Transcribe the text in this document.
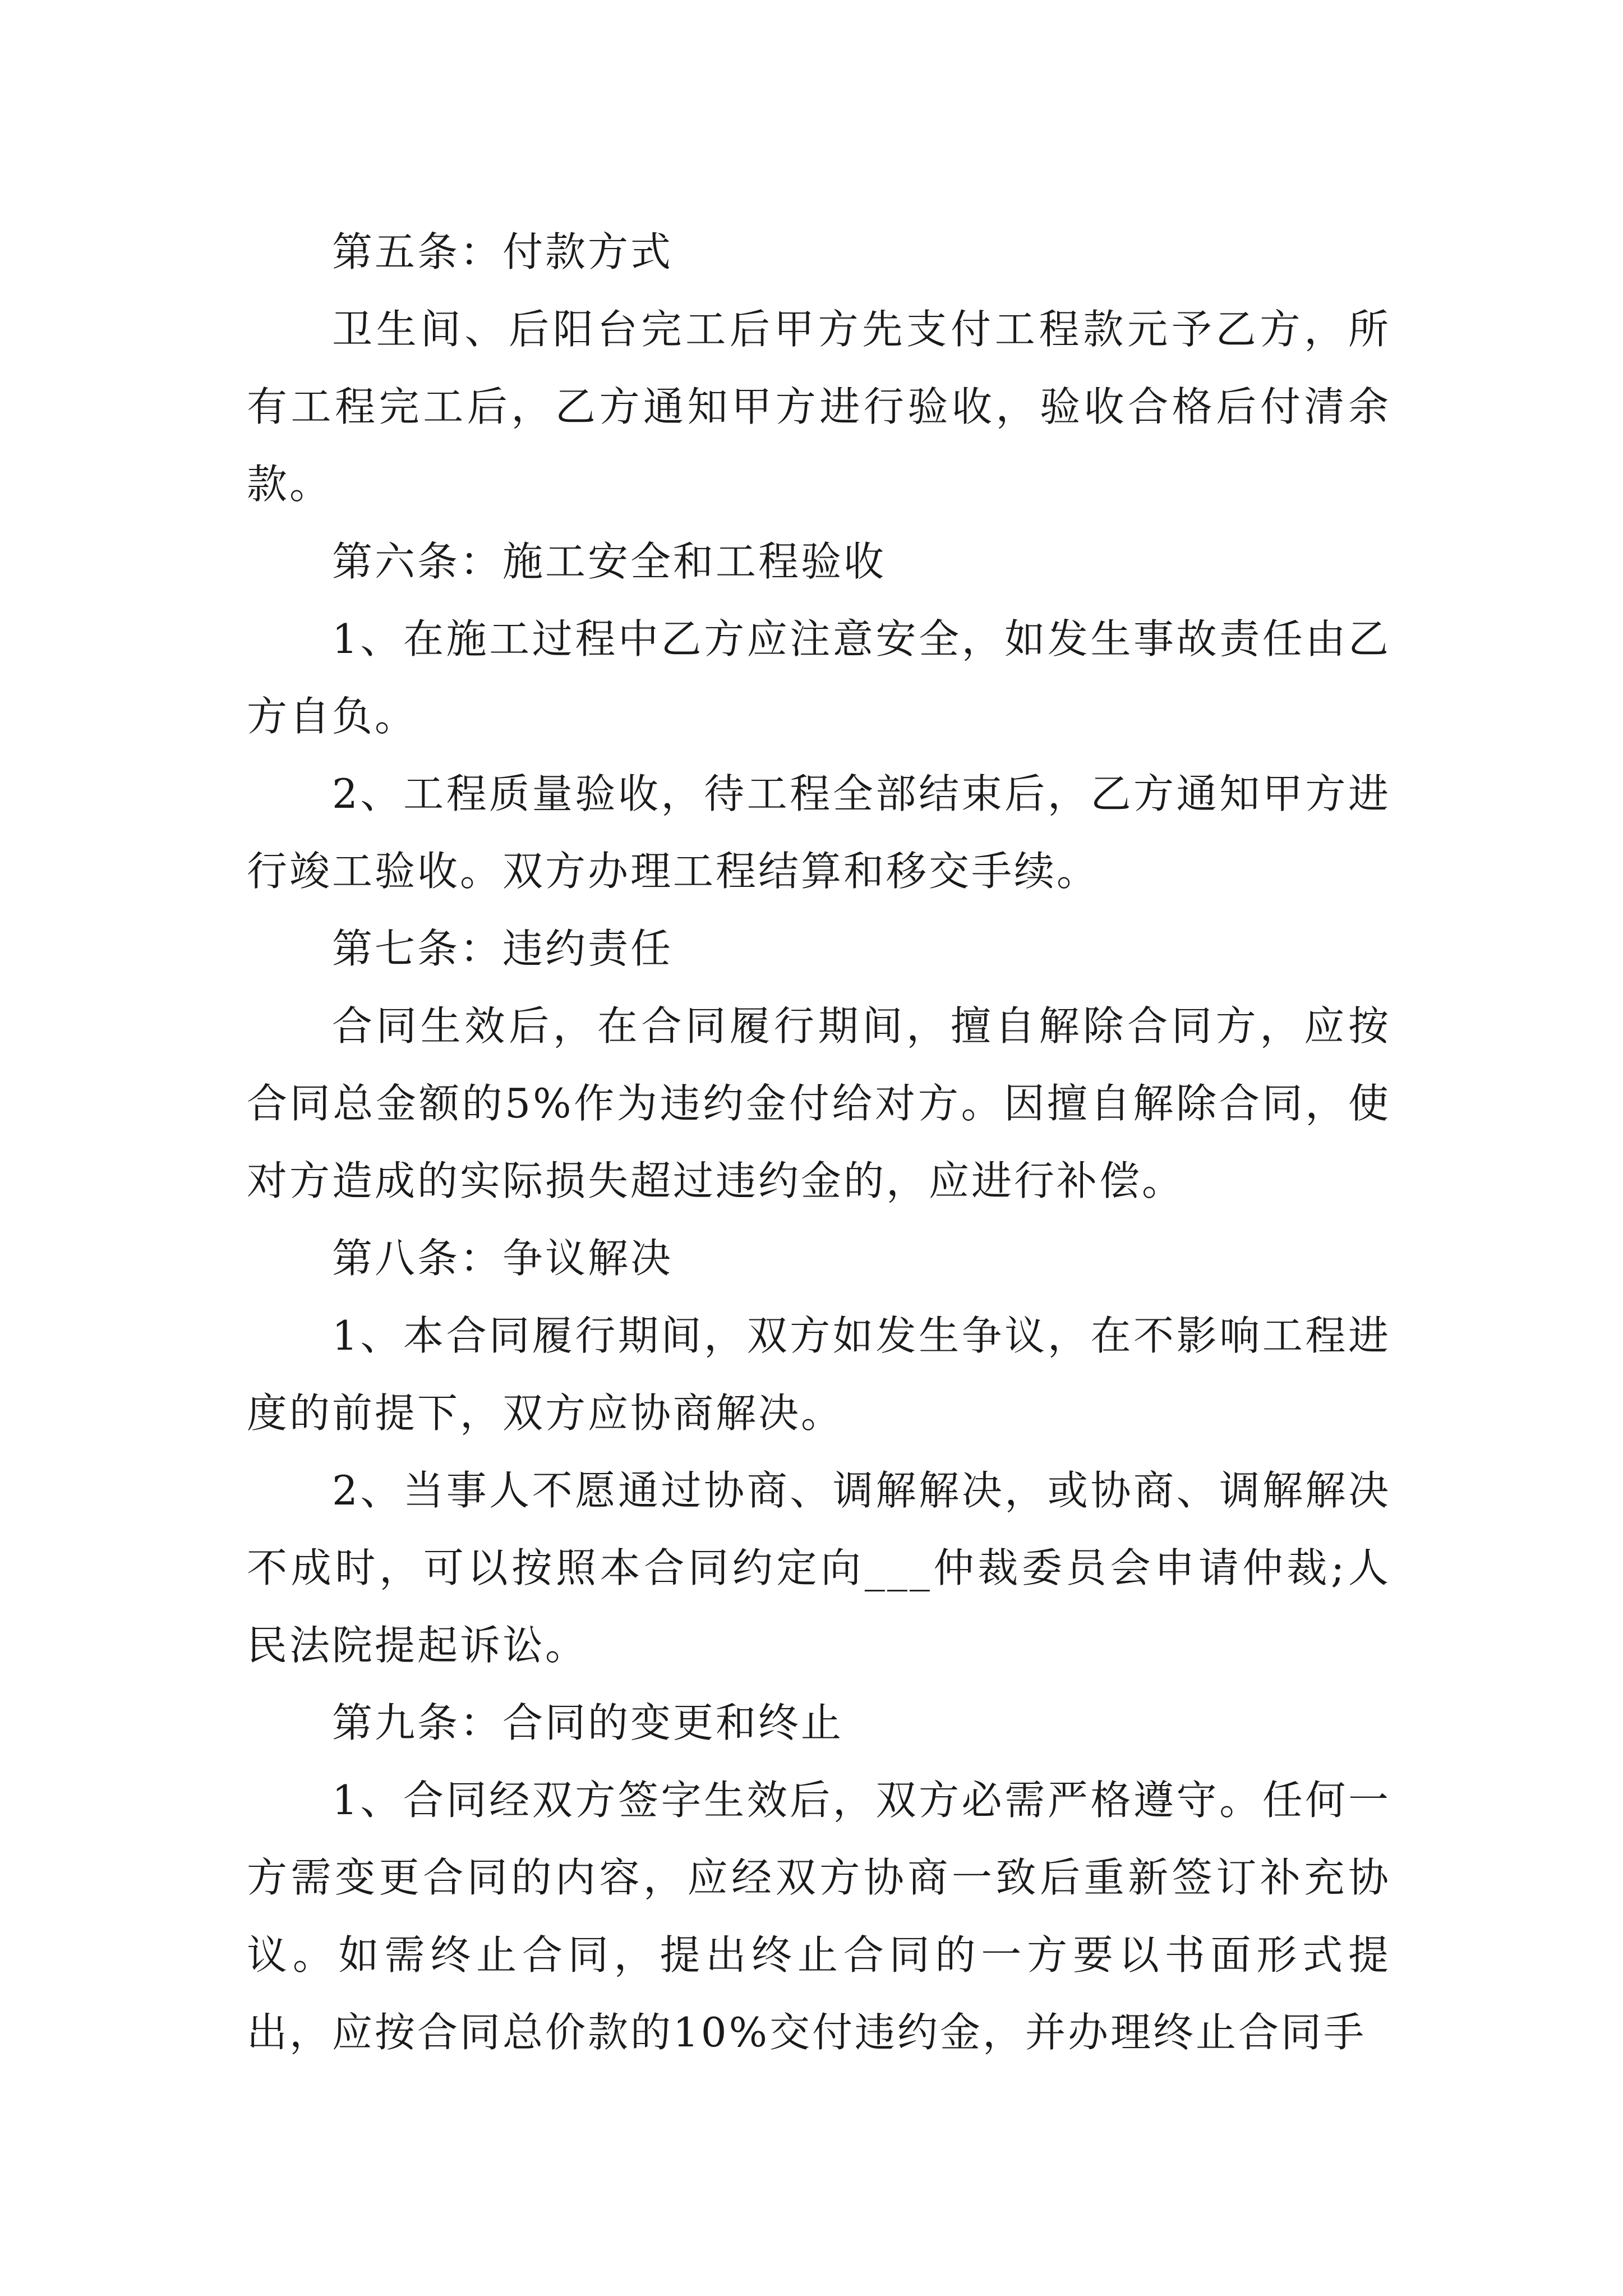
第五条：付款方式

卫生间、后阳台完工后甲方先支付工程款元予乙方，所有工程完工后，乙方通知甲方进行验收，验收合格后付清余款。

第六条：施工安全和工程验收

1、在施工过程中乙方应注意安全，如发生事故责任由乙方自负。

2、工程质量验收，待工程全部结束后，乙方通知甲方进行竣工验收。双方办理工程结算和移交手续。

第七条：违约责任

合同生效后，在合同履行期间，擅自解除合同方，应按合同总金额的5%作为违约金付给对方。因擅自解除合同，使对方造成的实际损失超过违约金的，应进行补偿。

第八条：争议解决

1、本合同履行期间，双方如发生争议，在不影响工程进度的前提下，双方应协商解决。

2、当事人不愿通过协商、调解解决，或协商、调解解决不成时，可以按照本合同约定向___仲裁委员会申请仲裁;人民法院提起诉讼。

第九条：合同的变更和终止

1、合同经双方签字生效后，双方必需严格遵守。任何一方需变更合同的内容，应经双方协商一致后重新签订补充协议。如需终止合同，提出终止合同的一方要以书面形式提出，应按合同总价款的10%交付违约金，并办理终止合同手
